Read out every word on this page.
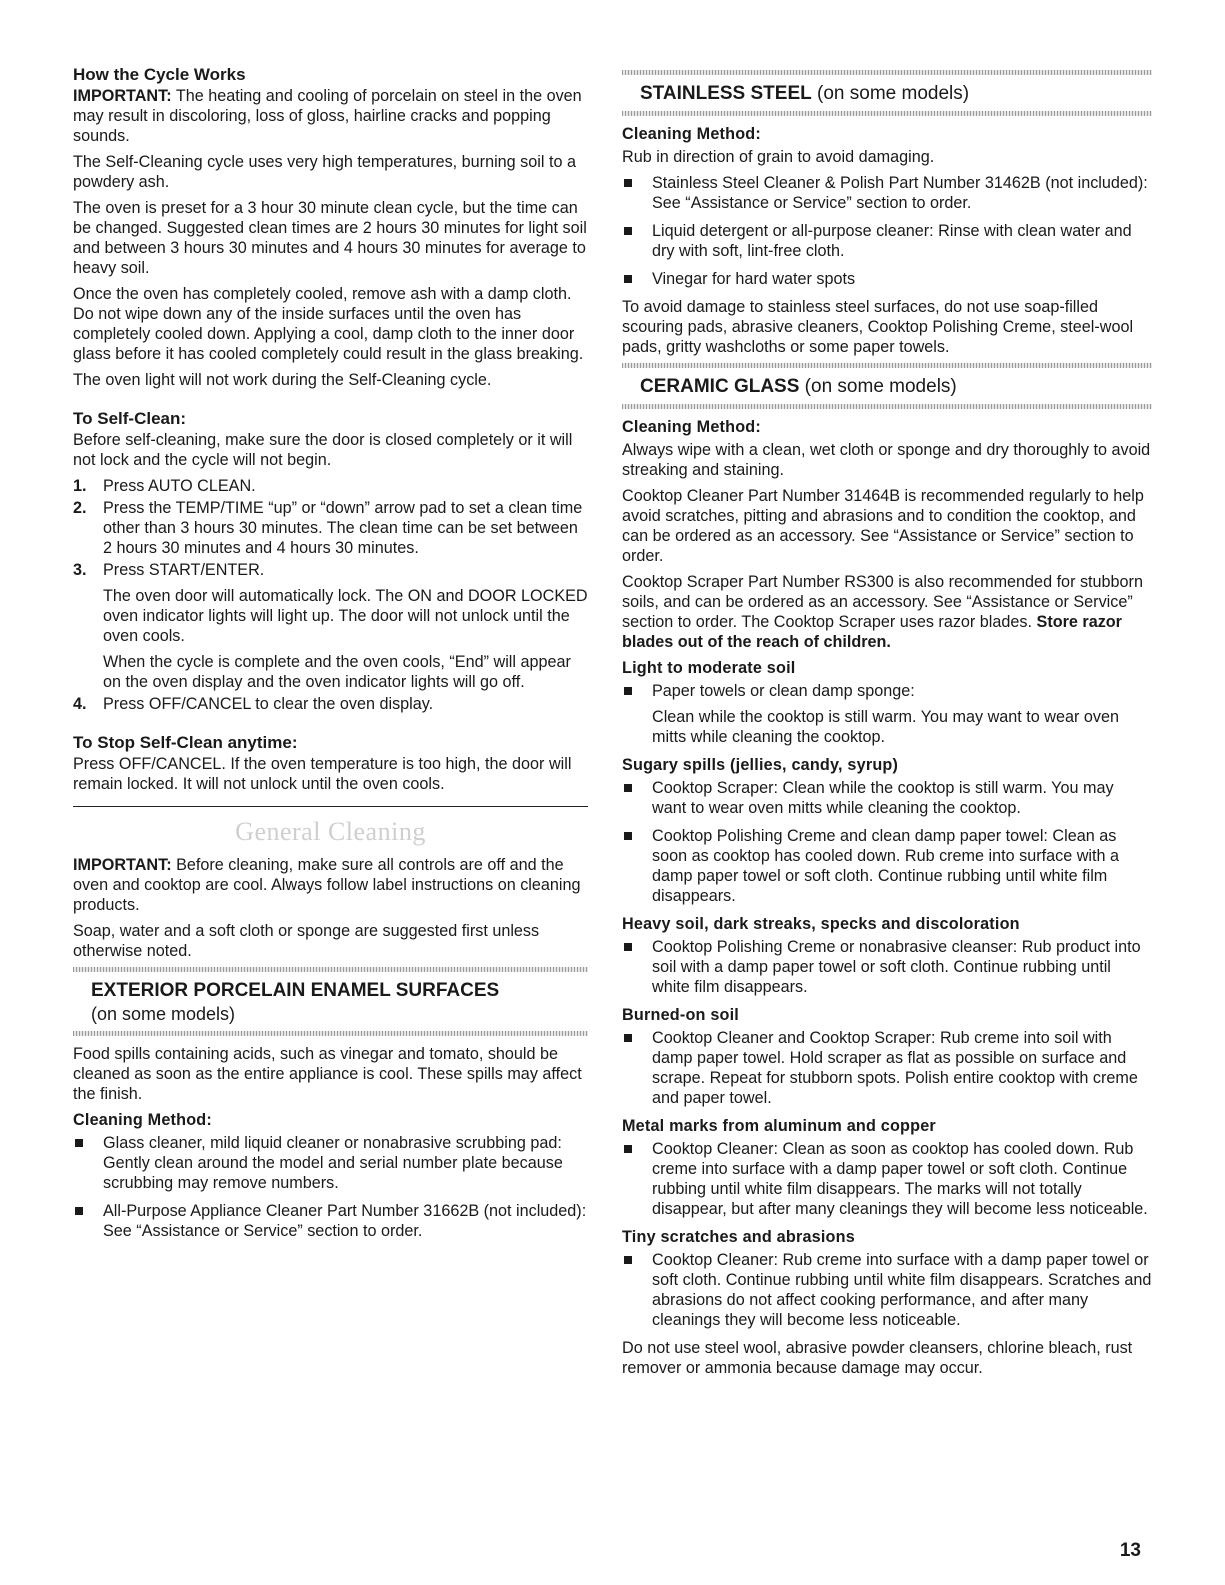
How the Cycle Works

IMPORTANT: The heating and cooling of porcelain on steel in the oven may result in discoloring, loss of gloss, hairline cracks and popping sounds.

The Self-Cleaning cycle uses very high temperatures, burning soil to a powdery ash.

The oven is preset for a 3 hour 30 minute clean cycle, but the time can be changed. Suggested clean times are 2 hours 30 minutes for light soil and between 3 hours 30 minutes and 4 hours 30 minutes for average to heavy soil.

Once the oven has completely cooled, remove ash with a damp cloth. Do not wipe down any of the inside surfaces until the oven has completely cooled down. Applying a cool, damp cloth to the inner door glass before it has cooled completely could result in the glass breaking.

The oven light will not work during the Self-Cleaning cycle.

To Self-Clean:

Before self-cleaning, make sure the door is closed completely or it will not lock and the cycle will not begin.

1. Press AUTO CLEAN.
2. Press the TEMP/TIME “up” or “down” arrow pad to set a clean time other than 3 hours 30 minutes. The clean time can be set between 2 hours 30 minutes and 4 hours 30 minutes.
3. Press START/ENTER.

The oven door will automatically lock. The ON and DOOR LOCKED oven indicator lights will light up. The door will not unlock until the oven cools.

When the cycle is complete and the oven cools, “End” will appear on the oven display and the oven indicator lights will go off.

4. Press OFF/CANCEL to clear the oven display.
To Stop Self-Clean anytime:

Press OFF/CANCEL. If the oven temperature is too high, the door will remain locked. It will not unlock until the oven cools.

General Cleaning

IMPORTANT: Before cleaning, make sure all controls are off and the oven and cooktop are cool. Always follow label instructions on cleaning products.

Soap, water and a soft cloth or sponge are suggested first unless otherwise noted.

EXTERIOR PORCELAIN ENAMEL SURFACES
(on some models)

Food spills containing acids, such as vinegar and tomato, should be cleaned as soon as the entire appliance is cool. These spills may affect the finish.

Cleaning Method:
Glass cleaner, mild liquid cleaner or nonabrasive scrubbing pad: Gently clean around the model and serial number plate because scrubbing may remove numbers.
All-Purpose Appliance Cleaner Part Number 31662B (not included): See “Assistance or Service” section to order.
STAINLESS STEEL (on some models)
Cleaning Method:

Rub in direction of grain to avoid damaging.

Stainless Steel Cleaner & Polish Part Number 31462B (not included): See “Assistance or Service” section to order.
Liquid detergent or all-purpose cleaner: Rinse with clean water and dry with soft, lint-free cloth.
Vinegar for hard water spots

To avoid damage to stainless steel surfaces, do not use soap-filled scouring pads, abrasive cleaners, Cooktop Polishing Creme, steel-wool pads, gritty washcloths or some paper towels.

CERAMIC GLASS (on some models)
Cleaning Method:

Always wipe with a clean, wet cloth or sponge and dry thoroughly to avoid streaking and staining.

Cooktop Cleaner Part Number 31464B is recommended regularly to help avoid scratches, pitting and abrasions and to condition the cooktop, and can be ordered as an accessory. See “Assistance or Service” section to order.

Cooktop Scraper Part Number RS300 is also recommended for stubborn soils, and can be ordered as an accessory. See “Assistance or Service” section to order. The Cooktop Scraper uses razor blades. Store razor blades out of the reach of children.

Light to moderate soil
Paper towels or clean damp sponge:

Clean while the cooktop is still warm. You may want to wear oven mitts while cleaning the cooktop.

Sugary spills (jellies, candy, syrup)
Cooktop Scraper: Clean while the cooktop is still warm. You may want to wear oven mitts while cleaning the cooktop.
Cooktop Polishing Creme and clean damp paper towel: Clean as soon as cooktop has cooled down. Rub creme into surface with a damp paper towel or soft cloth. Continue rubbing until white film disappears.
Heavy soil, dark streaks, specks and discoloration
Cooktop Polishing Creme or nonabrasive cleanser: Rub product into soil with a damp paper towel or soft cloth. Continue rubbing until white film disappears.
Burned-on soil
Cooktop Cleaner and Cooktop Scraper: Rub creme into soil with damp paper towel. Hold scraper as flat as possible on surface and scrape. Repeat for stubborn spots. Polish entire cooktop with creme and paper towel.
Metal marks from aluminum and copper
Cooktop Cleaner: Clean as soon as cooktop has cooled down. Rub creme into surface with a damp paper towel or soft cloth. Continue rubbing until white film disappears. The marks will not totally disappear, but after many cleanings they will become less noticeable.
Tiny scratches and abrasions
Cooktop Cleaner: Rub creme into surface with a damp paper towel or soft cloth. Continue rubbing until white film disappears. Scratches and abrasions do not affect cooking performance, and after many cleanings they will become less noticeable.

Do not use steel wool, abrasive powder cleansers, chlorine bleach, rust remover or ammonia because damage may occur.

13
